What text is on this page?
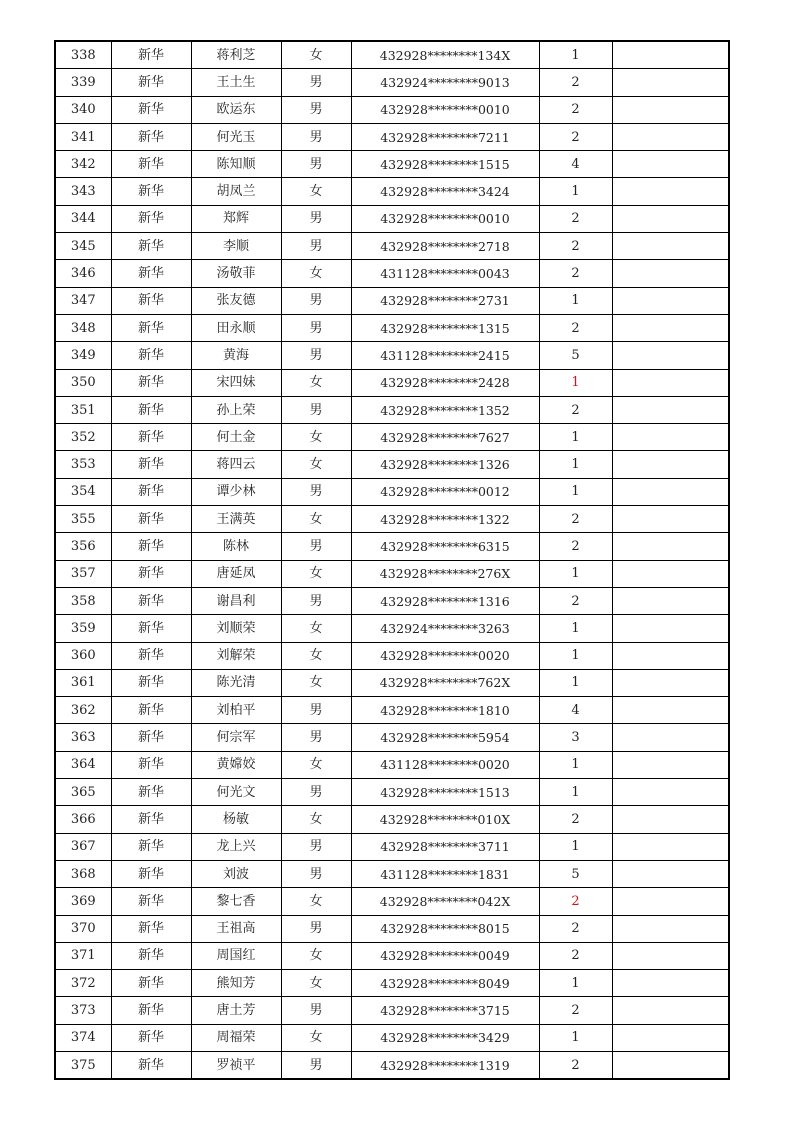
338	新华	蒋利芝	女	432928********134X	1	
339	新华	王土生	男	432924********9013	2	
340	新华	欧运东	男	432928********0010	2	
341	新华	何光玉	男	432928********7211	2	
342	新华	陈知顺	男	432928********1515	4	
343	新华	胡凤兰	女	432928********3424	1	
344	新华	郑辉	男	432928********0010	2	
345	新华	李顺	男	432928********2718	2	
346	新华	汤敬菲	女	431128********0043	2	
347	新华	张友德	男	432928********2731	1	
348	新华	田永顺	男	432928********1315	2	
349	新华	黄海	男	431128********2415	5	
350	新华	宋四妹	女	432928********2428	1	
351	新华	孙上荣	男	432928********1352	2	
352	新华	何土金	女	432928********7627	1	
353	新华	蒋四云	女	432928********1326	1	
354	新华	谭少林	男	432928********0012	1	
355	新华	王满英	女	432928********1322	2	
356	新华	陈林	男	432928********6315	2	
357	新华	唐延凤	女	432928********276X	1	
358	新华	谢昌利	男	432928********1316	2	
359	新华	刘顺荣	女	432924********3263	1	
360	新华	刘解荣	女	432928********0020	1	
361	新华	陈光清	女	432928********762X	1	
362	新华	刘柏平	男	432928********1810	4	
363	新华	何宗军	男	432928********5954	3	
364	新华	黄嫦姣	女	431128********0020	1	
365	新华	何光文	男	432928********1513	1	
366	新华	杨敏	女	432928********010X	2	
367	新华	龙上兴	男	432928********3711	1	
368	新华	刘波	男	431128********1831	5	
369	新华	黎七香	女	432928********042X	2	
370	新华	王祖高	男	432928********8015	2	
371	新华	周国红	女	432928********0049	2	
372	新华	熊知芳	女	432928********8049	1	
373	新华	唐土芳	男	432928********3715	2	
374	新华	周福荣	女	432928********3429	1	
375	新华	罗祯平	男	432928********1319	2	
